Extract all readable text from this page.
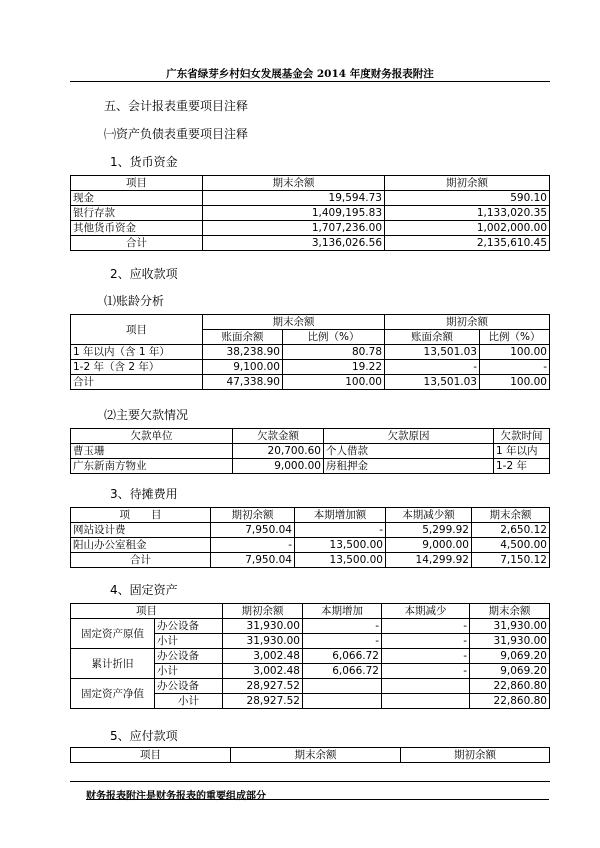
广东省绿芽乡村妇女发展基金会 2014 年度财务报表附注
五、会计报表重要项目注释
㈠资产负债表重要项目注释
1、货币资金
项目	期末余额	期初余额
现金	19,594.73	590.10
银行存款	1,409,195.83	1,133,020.35
其他货币资金	1,707,236.00	1,002,000.00
合计	3,136,026.56	2,135,610.45
2、应收款项
⑴账龄分析
项目	期末余额		期初余额	
	账面余额	比例（%）	账面余额	比例（%）
1 年以内（含 1 年）	38,238.90	80.78	13,501.03	100.00
1-2 年（含 2 年）	9,100.00	19.22	-	-
合计	47,338.90	100.00	13,501.03	100.00
⑵主要欠款情况
欠款单位	欠款金额	欠款原因	欠款时间
曹玉珊	20,700.60	个人借款	1 年以内
广东新南方物业	9,000.00	房租押金	1-2 年
3、待摊费用
项　　目	期初余额	本期增加额	本期减少额	期末余额
网站设计费	7,950.04	-	5,299.92	2,650.12
阳山办公室租金	-	13,500.00	9,000.00	4,500.00
合计	7,950.04	13,500.00	14,299.92	7,150.12
4、固定资产
项目		期初余额	本期增加	本期减少	期末余额
固定资产原值	办公设备	31,930.00	-	-	31,930.00
	小计	31,930.00	-	-	31,930.00
累计折旧	办公设备	3,002.48	6,066.72	-	9,069.20
	小计	3,002.48	6,066.72	-	9,069.20
固定资产净值	办公设备	28,927.52			22,860.80
	小计	28,927.52			22,860.80
5、应付款项
项目	期末余额	期初余额
财务报表附注是财务报表的重要组成部分
